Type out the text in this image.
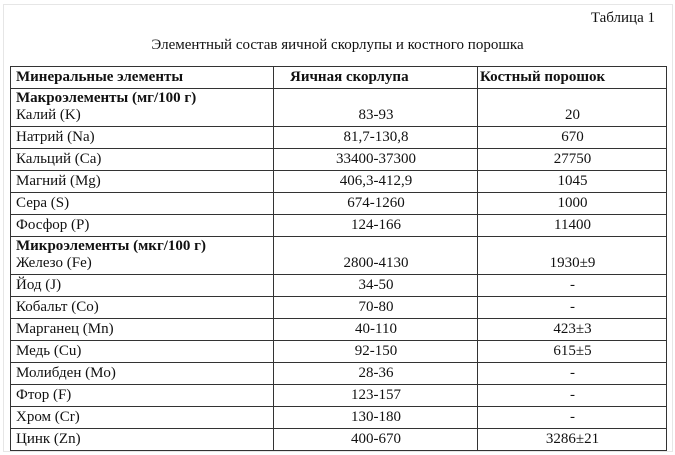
Таблица 1
Элементный состав яичной скорлупы и костного порошка
Минеральные элементы	Яичная скорлупа	Костный порошок

Макроэлементы (мг/100 г)
Калий (K)	83-93	20
Натрий (Na)	81,7-130,8	670
Кальций (Ca)	33400-37300	27750
Магний (Mg)	406,3-412,9	1045
Сера (S)	674-1260	1000
Фосфор (P)	124-166	11400

Микроэлементы (мкг/100 г)
Железо (Fe)	2800-4130	1930±9
Йод (J)	34-50	-
Кобальт (Co)	70-80	-
Марганец (Mn)	40-110	423±3
Медь (Cu)	92-150	615±5
Молибден (Mo)	28-36	-
Фтор (F)	123-157	-
Хром (Cr)	130-180	-
Цинк (Zn)	400-670	3286±21
